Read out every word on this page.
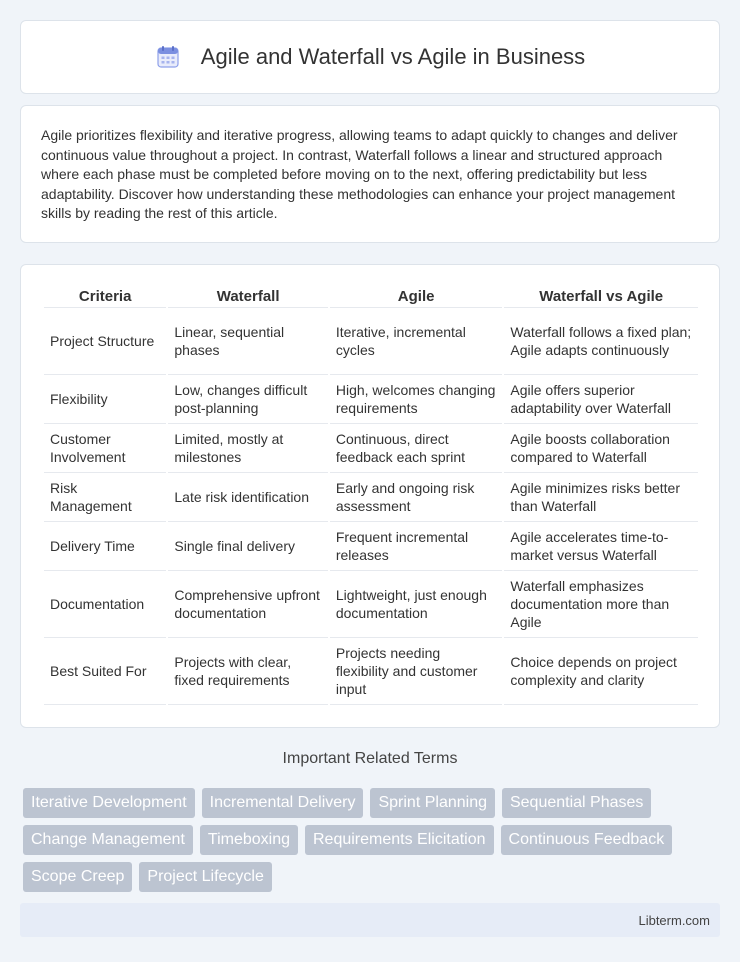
Agile and Waterfall vs Agile in Business

Agile prioritizes flexibility and iterative progress, allowing teams to adapt quickly to changes and deliver continuous value throughout a project. In contrast, Waterfall follows a linear and structured approach where each phase must be completed before moving on to the next, offering predictability but less adaptability. Discover how understanding these methodologies can enhance your project management skills by reading the rest of this article.

Criteria	Waterfall	Agile	Waterfall vs Agile
Project Structure	Linear, sequential phases	Iterative, incremental cycles	Waterfall follows a fixed plan; Agile adapts continuously
Flexibility	Low, changes difficult post-planning	High, welcomes changing requirements	Agile offers superior adaptability over Waterfall
Customer Involvement	Limited, mostly at milestones	Continuous, direct feedback each sprint	Agile boosts collaboration compared to Waterfall
Risk Management	Late risk identification	Early and ongoing risk assessment	Agile minimizes risks better than Waterfall
Delivery Time	Single final delivery	Frequent incremental releases	Agile accelerates time-to-market versus Waterfall
Documentation	Comprehensive upfront documentation	Lightweight, just enough documentation	Waterfall emphasizes documentation more than Agile
Best Suited For	Projects with clear, fixed requirements	Projects needing flexibility and customer input	Choice depends on project complexity and clarity
Important Related Terms
Iterative Development	Incremental Delivery	Sprint Planning	Sequential Phases
Change Management	Timeboxing	Requirements Elicitation	Continuous Feedback
Scope Creep	Project Lifecycle
Libterm.com
